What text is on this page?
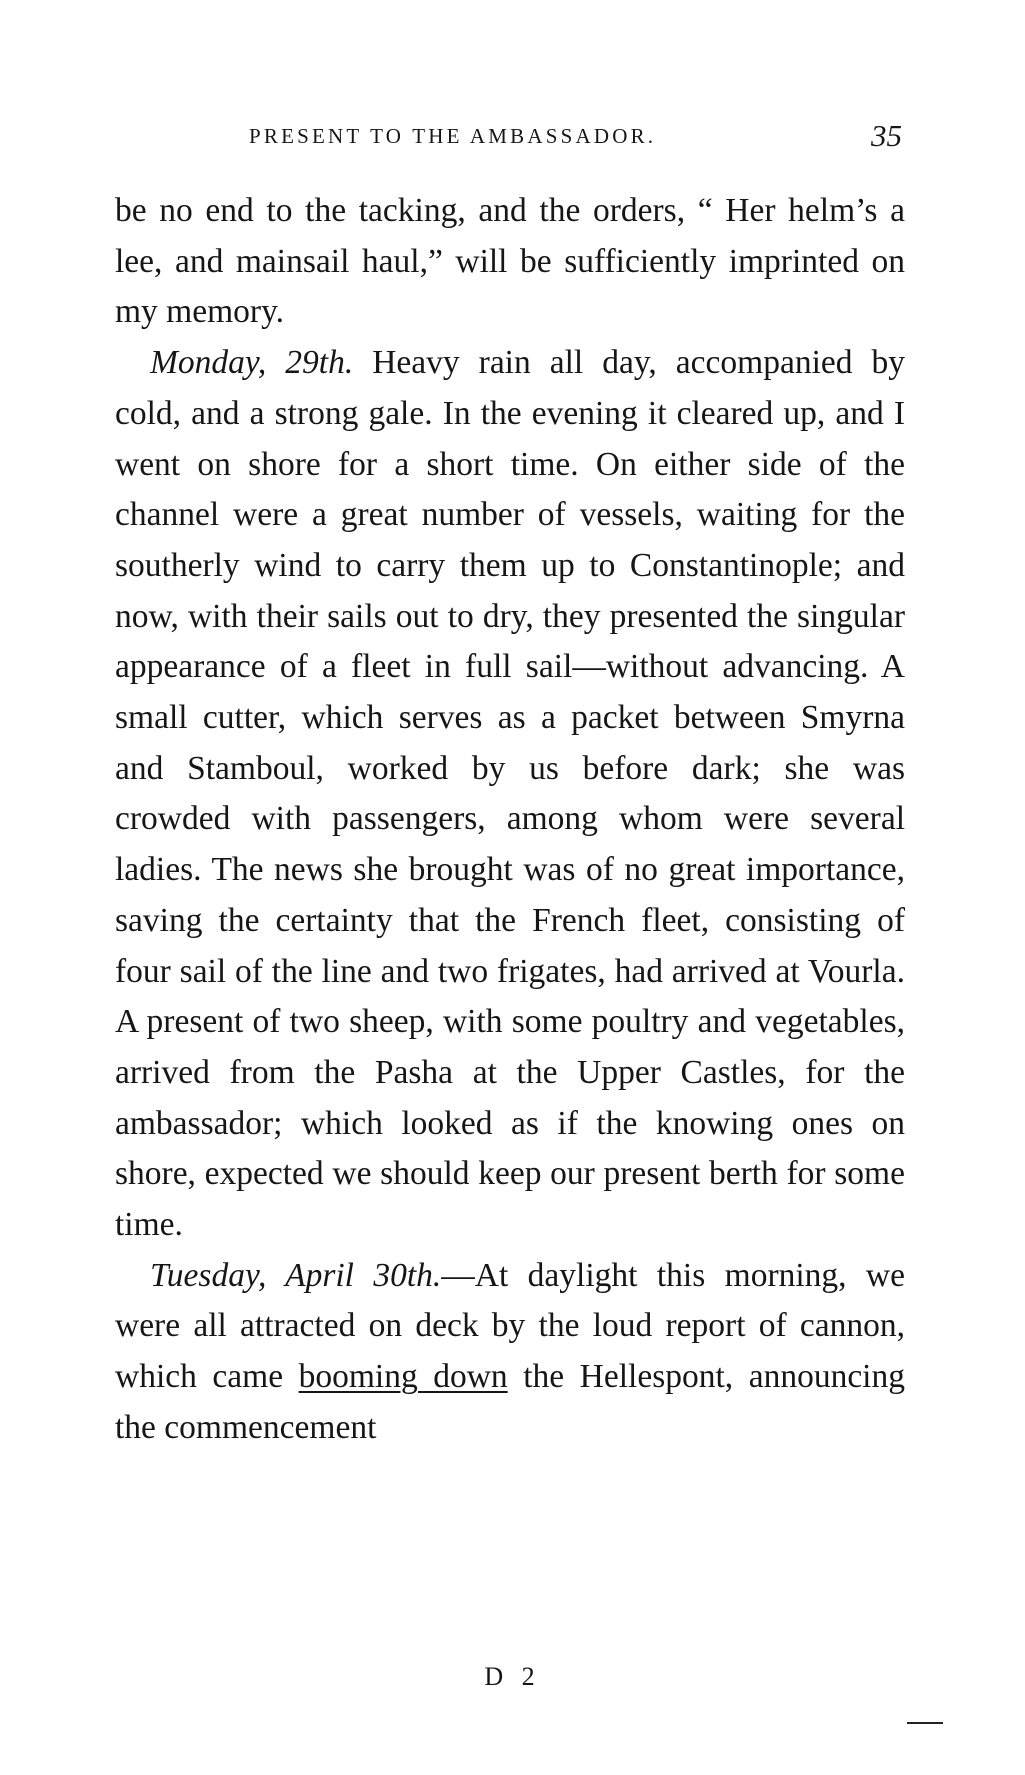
PRESENT TO THE AMBASSADOR.	35

be no end to the tacking, and the orders, “ Her helm’s a lee, and mainsail haul,” will be sufficiently imprinted on my memory.

Monday, 29th. Heavy rain all day, accompanied by cold, and a strong gale. In the evening it cleared up, and I went on shore for a short time. On either side of the channel were a great number of vessels, waiting for the southerly wind to carry them up to Constantinople; and now, with their sails out to dry, they presented the singular appearance of a fleet in full sail—without advancing. A small cutter, which serves as a packet between Smyrna and Stamboul, worked by us before dark; she was crowded with passengers, among whom were several ladies. The news she brought was of no great importance, saving the certainty that the French fleet, consisting of four sail of the line and two frigates, had arrived at Vourla. A present of two sheep, with some poultry and vegetables, arrived from the Pasha at the Upper Castles, for the ambassador; which looked as if the knowing ones on shore, expected we should keep our present berth for some time.

Tuesday, April 30th.—At daylight this morning, we were all attracted on deck by the loud report of cannon, which came booming down the Hellespont, announcing the commencement

D 2
